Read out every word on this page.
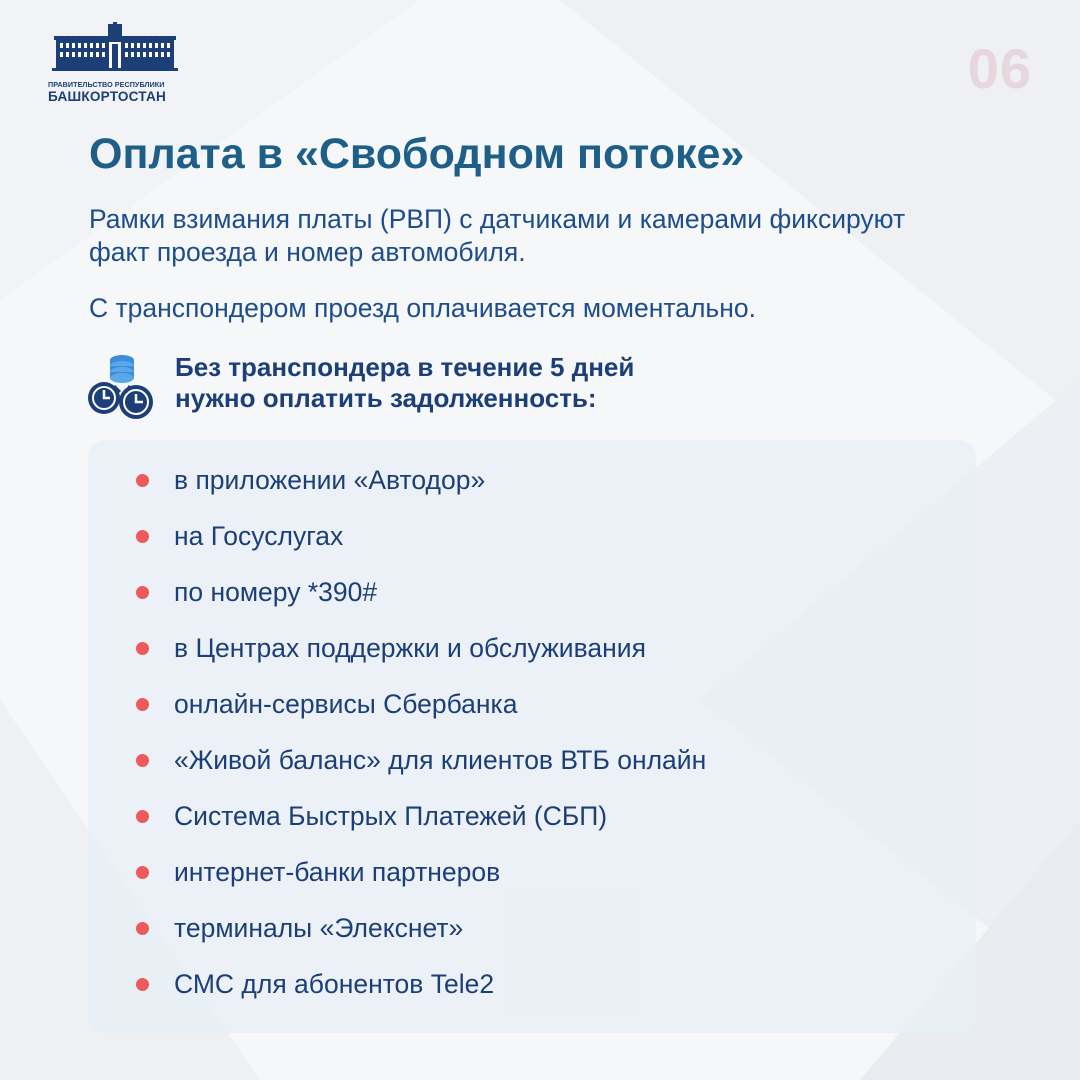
ПРАВИТЕЛЬСТВО РЕСПУБЛИКИ
БАШКОРТОСТАН	06
Оплата в «Свободном потоке»
Рамки взимания платы (РВП) с датчиками и камерами фиксируют факт проезда и номер автомобиля.
С транспондером проезд оплачивается моментально.
Без транспондера в течение 5 дней
нужно оплатить задолженность:
в приложении «Автодор»
на Госуслугах
по номеру *390#
в Центрах поддержки и обслуживания
онлайн-сервисы Сбербанка
«Живой баланс» для клиентов ВТБ онлайн
Система Быстрых Платежей (СБП)
интернет-банки партнеров
терминалы «Элекснет»
СМС для абонентов Tele2
